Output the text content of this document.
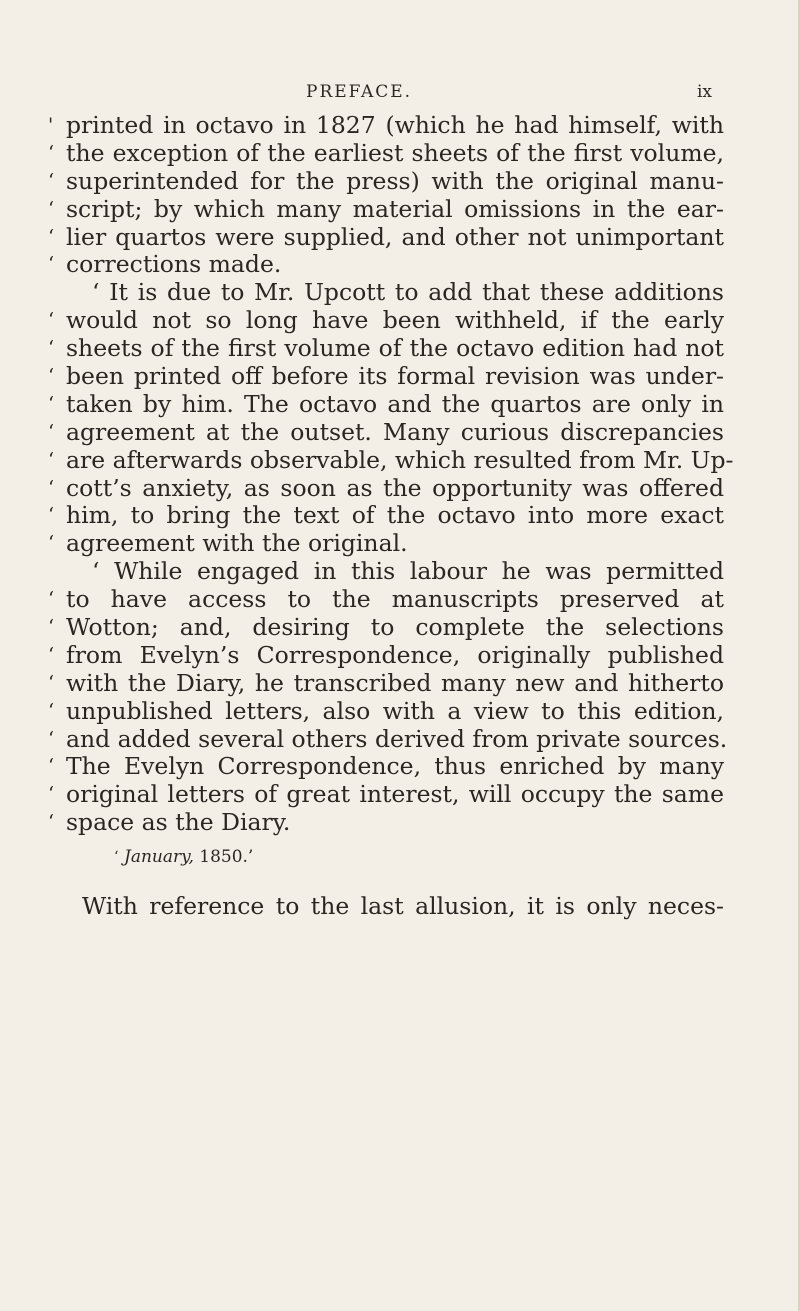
PREFACE.	ix
' printed in octavo in 1827 (which he had himself, with
‘ the exception of the earliest sheets of the first volume,
‘ superintended for the press) with the original manu-
‘ script; by which many material omissions in the ear-
‘ lier quartos were supplied, and other not unimportant
‘ corrections made.
‘ It is due to Mr. Upcott to add that these additions
‘ would not so long have been withheld, if the early
‘ sheets of the first volume of the octavo edition had not
‘ been printed off before its formal revision was under-
‘ taken by him. The octavo and the quartos are only in
‘ agreement at the outset. Many curious discrepancies
‘ are afterwards observable, which resulted from Mr. Up-
‘ cott’s anxiety, as soon as the opportunity was offered
‘ him, to bring the text of the octavo into more exact
‘ agreement with the original.
‘ While engaged in this labour he was permitted
‘ to have access to the manuscripts preserved at
‘ Wotton; and, desiring to complete the selections
‘ from Evelyn’s Correspondence, originally published
‘ with the Diary, he transcribed many new and hitherto
‘ unpublished letters, also with a view to this edition,
‘ and added several others derived from private sources.
‘ The Evelyn Correspondence, thus enriched by many
‘ original letters of great interest, will occupy the same
‘ space as the Diary.
‘ January, 1850.’
With reference to the last allusion, it is only neces-
